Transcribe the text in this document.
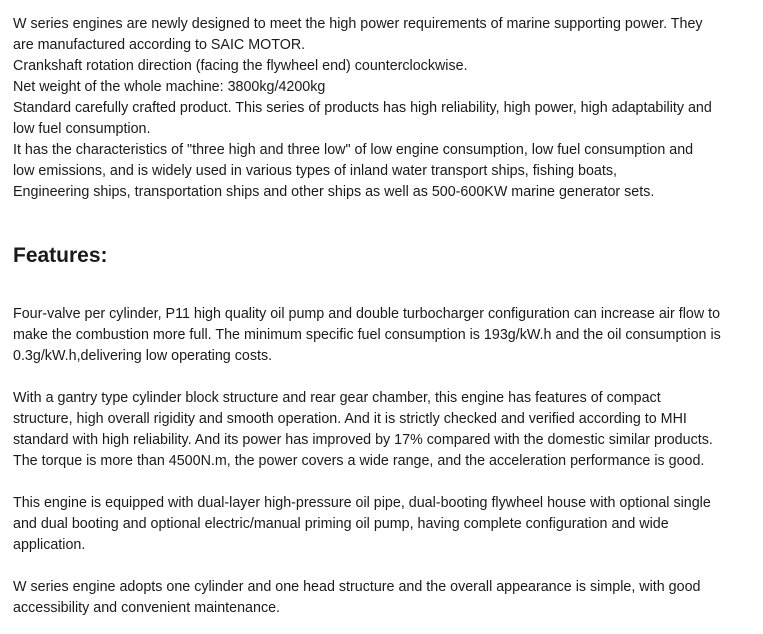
W series engines are newly designed to meet the high power requirements of marine supporting power. They

are manufactured according to SAIC MOTOR.

Crankshaft rotation direction (facing the flywheel end) counterclockwise.

Net weight of the whole machine: 3800kg/4200kg

Standard carefully crafted product. This series of products has high reliability, high power, high adaptability and

low fuel consumption.

It has the characteristics of "three high and three low" of low engine consumption, low fuel consumption and

low emissions, and is widely used in various types of inland water transport ships, fishing boats,

Engineering ships, transportation ships and other ships as well as 500-600KW marine generator sets.

Features:

Four-valve per cylinder, P11 high quality oil pump and double turbocharger configuration can increase air flow to

make the combustion more full. The minimum specific fuel consumption is 193g/kW.h and the oil consumption is

0.3g/kW.h,delivering low operating costs.

With a gantry type cylinder block structure and rear gear chamber, this engine has features of compact

structure, high overall rigidity and smooth operation. And it is strictly checked and verified according to MHI

standard with high reliability. And its power has improved by 17% compared with the domestic similar products.

The torque is more than 4500N.m, the power covers a wide range, and the acceleration performance is good.

This engine is equipped with dual-layer high-pressure oil pipe, dual-booting flywheel house with optional single

and dual booting and optional electric/manual priming oil pump, having complete configuration and wide

application.

W series engine adopts one cylinder and one head structure and the overall appearance is simple, with good

accessibility and convenient maintenance.
